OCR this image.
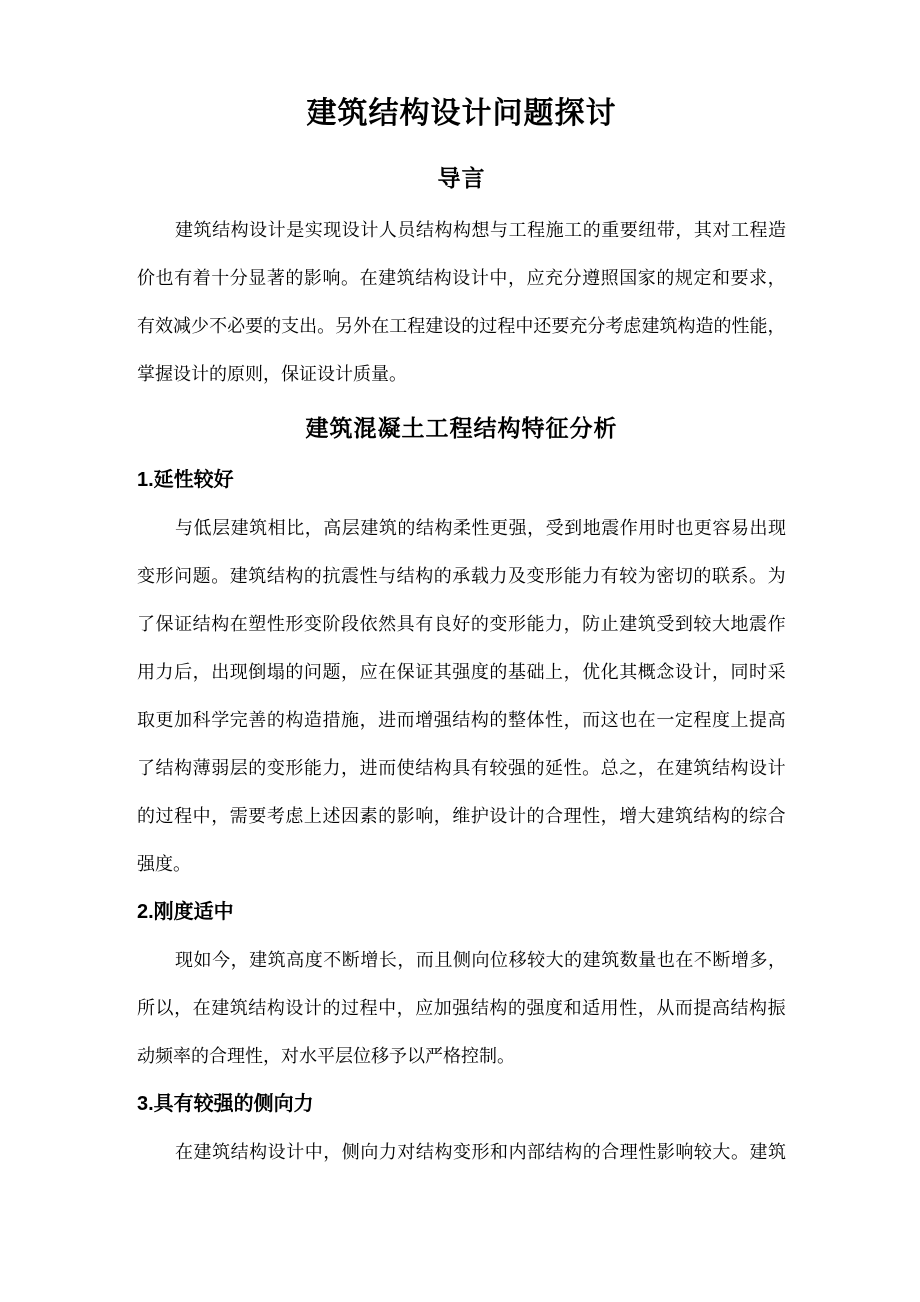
建筑结构设计问题探讨
导言
建 筑 结 构 设 计 是 实 现 设 计 人 员 结 构 构 想 与 工 程 施 工 的 重 要 纽 带 ， 其 对 工 程 造
价 也 有 着 十 分 显 著 的 影 响 。 在 建 筑 结 构 设 计 中 ， 应 充 分 遵 照 国 家 的 规 定 和 要 求 ，
有 效 减 少 不 必 要 的 支 出 。 另 外 在 工 程 建 设 的 过 程 中 还 要 充 分 考 虑 建 筑 构 造 的 性 能 ，
掌握设计的原则，保证设计质量。
建筑混凝土工程结构特征分析
1.延性较好
与 低 层 建 筑 相 比 ， 高 层 建 筑 的 结 构 柔 性 更 强 ， 受 到 地 震 作 用 时 也 更 容 易 出 现
变 形 问 题 。 建 筑 结 构 的 抗 震 性 与 结 构 的 承 载 力 及 变 形 能 力 有 较 为 密 切 的 联 系 。 为
了 保 证 结 构 在 塑 性 形 变 阶 段 依 然 具 有 良 好 的 变 形 能 力 ， 防 止 建 筑 受 到 较 大 地 震 作
用 力 后 ， 出 现 倒 塌 的 问 题 ， 应 在 保 证 其 强 度 的 基 础 上 ， 优 化 其 概 念 设 计 ， 同 时 采
取 更 加 科 学 完 善 的 构 造 措 施 ， 进 而 增 强 结 构 的 整 体 性 ， 而 这 也 在 一 定 程 度 上 提 高
了 结 构 薄 弱 层 的 变 形 能 力 ， 进 而 使 结 构 具 有 较 强 的 延 性 。 总 之 ， 在 建 筑 结 构 设 计
的 过 程 中 ， 需 要 考 虑 上 述 因 素 的 影 响 ， 维 护 设 计 的 合 理 性 ， 增 大 建 筑 结 构 的 综 合
强度。
2.刚度适中
现 如 今 ， 建 筑 高 度 不 断 增 长 ， 而 且 侧 向 位 移 较 大 的 建 筑 数 量 也 在 不 断 增 多 ，
所 以 ， 在 建 筑 结 构 设 计 的 过 程 中 ， 应 加 强 结 构 的 强 度 和 适 用 性 ， 从 而 提 高 结 构 振
动频率的合理性，对水平层位移予以严格控制。
3.具有较强的侧向力
在 建 筑 结 构 设 计 中 ， 侧 向 力 对 结 构 变 形 和 内 部 结 构 的 合 理 性 影 响 较 大 。 建 筑
